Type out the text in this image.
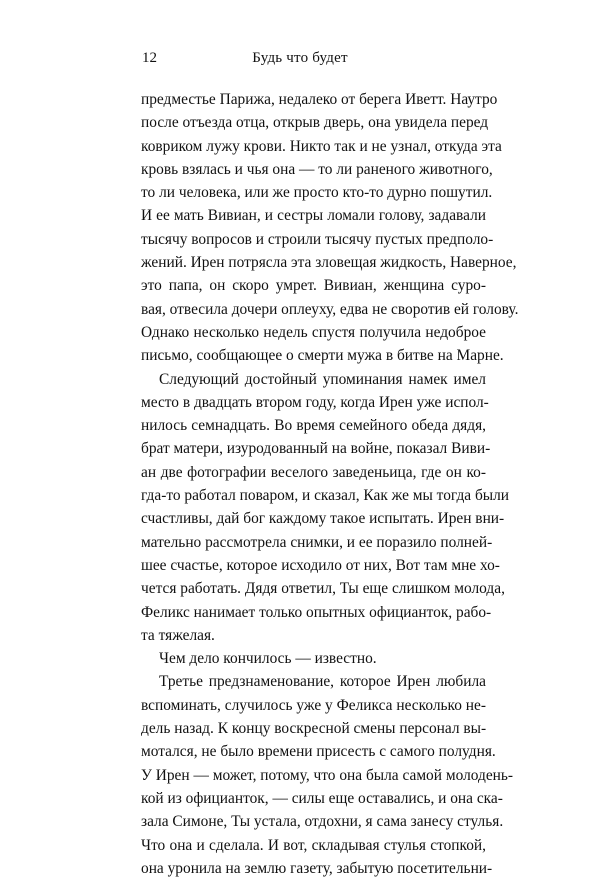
12	Будь что будет
предместье Парижа, недалеко от берега Иветт. Наутро
после отъезда отца, открыв дверь, она увидела перед
ковриком лужу крови. Никто так и не узнал, откуда эта
кровь взялась и чья она — то ли раненого животного,
то ли человека, или же просто кто-то дурно пошутил.
И ее мать Вивиан, и сестры ломали голову, задавали
тысячу вопросов и строили тысячу пустых предполо-
жений. Ирен потрясла эта зловещая жидкость, Наверное,
это папа, он скоро умрет. Вивиан, женщина суро-
вая, отвесила дочери оплеуху, едва не своротив ей голову.
Однако несколько недель спустя получила недоброе
письмо, сообщающее о смерти мужа в битве на Марне.
Следующий достойный упоминания намек имел
место в двадцать втором году, когда Ирен уже испол-
нилось семнадцать. Во время семейного обеда дядя,
брат матери, изуродованный на войне, показал Виви-
ан две фотографии веселого заведеньица, где он ко-
гда-то работал поваром, и сказал, Как же мы тогда были
счастливы, дай бог каждому такое испытать. Ирен вни-
мательно рассмотрела снимки, и ее поразило полней-
шее счастье, которое исходило от них, Вот там мне хо-
чется работать. Дядя ответил, Ты еще слишком молода,
Феликс нанимает только опытных официанток, рабо-
та тяжелая.
Чем дело кончилось — известно.
Третье предзнаменование, которое Ирен любила
вспоминать, случилось уже у Феликса несколько не-
дель назад. К концу воскресной смены персонал вы-
мотался, не было времени присесть с самого полудня.
У Ирен — может, потому, что она была самой молодень-
кой из официанток, — силы еще оставались, и она ска-
зала Симоне, Ты устала, отдохни, я сама занесу стулья.
Что она и сделала. И вот, складывая стулья стопкой,
она уронила на землю газету, забытую посетительни-
